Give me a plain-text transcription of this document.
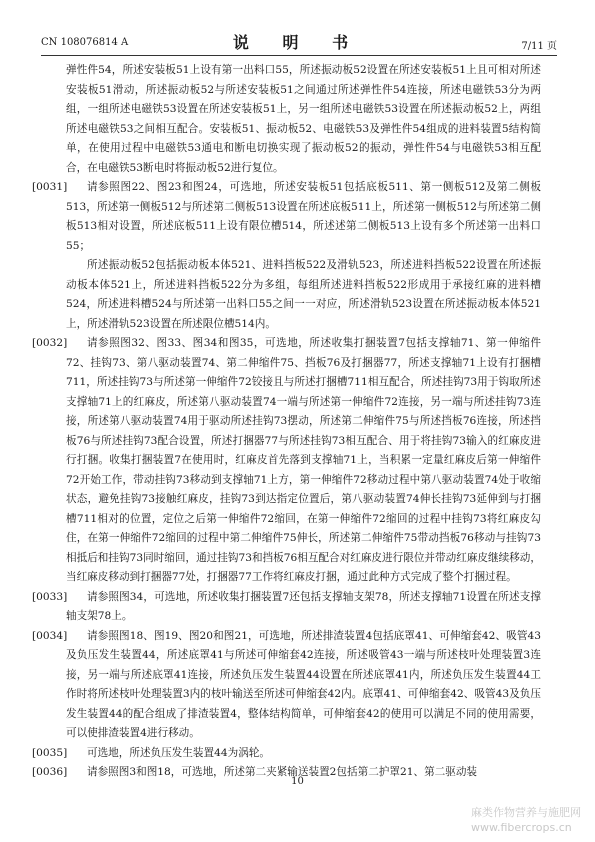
CN 108076814 A	说 明 书	7/11 页

弹性件54，所述安装板51上设有第一出料口55，所述振动板52设置在所述安装板51上且可相对所述安装板51滑动，所述振动板52与所述安装板51之间通过所述弹性件54连接，所述电磁铁53分为两组，一组所述电磁铁53设置在所述安装板51上，另一组所述电磁铁53设置在所述振动板52上，两组所述电磁铁53之间相互配合。安装板51、振动板52、电磁铁53及弹性件54组成的进料装置5结构简单，在使用过程中电磁铁53通电和断电切换实现了振动板52的振动，弹性件54与电磁铁53相互配合，在电磁铁53断电时将振动板52进行复位。

[0031]	请参照图22、图23和图24，可选地，所述安装板51包括底板511、第一侧板512及第二侧板513，所述第一侧板512与所述第二侧板513设置在所述底板511上，所述第一侧板512与所述第二侧板513相对设置，所述底板511上设有限位槽514，所述述第二侧板513上设有多个所述第一出料口55；

所述振动板52包括振动板本体521、进料挡板522及滑轨523，所述进料挡板522设置在所述振动板本体521上，所述进料挡板522分为多组，每组所述进料挡板522形成用于承接红麻的进料槽524，所述进料槽524与所述第一出料口55之间一一对应，所述滑轨523设置在所述振动板本体521上，所述滑轨523设置在所述限位槽514内。

[0032]	请参照图32、图33、图34和图35，可选地，所述收集打捆装置7包括支撑轴71、第一伸缩件72、挂钩73、第八驱动装置74、第二伸缩件75、挡板76及打捆器77，所述支撑轴71上设有打捆槽711，所述挂钩73与所述第一伸缩件72铰接且与所述打捆槽711相互配合，所述挂钩73用于钩取所述支撑轴71上的红麻皮，所述第八驱动装置74一端与所述第一伸缩件72连接，另一端与所述挂钩73连接，所述第八驱动装置74用于驱动所述挂钩73摆动，所述第二伸缩件75与所述挡板76连接，所述挡板76与所述挂钩73配合设置，所述打捆器77与所述挂钩73相互配合、用于将挂钩73输入的红麻皮进行打捆。收集打捆装置7在使用时，红麻皮首先落到支撑轴71上，当积累一定量红麻皮后第一伸缩件72开始工作，带动挂钩73移动到支撑轴71上方，第一伸缩件72移动过程中第八驱动装置74处于收缩状态，避免挂钩73接触红麻皮，挂钩73到达指定位置后，第八驱动装置74伸长挂钩73延伸到与打捆槽711相对的位置，定位之后第一伸缩件72缩回，在第一伸缩件72缩回的过程中挂钩73将红麻皮勾住，在第一伸缩件72缩回的过程中第二伸缩件75伸长，所述第二伸缩件75带动挡板76移动与挂钩73相抵后和挂钩73同时缩回，通过挂钩73和挡板76相互配合对红麻皮进行限位并带动红麻皮继续移动，当红麻皮移动到打捆器77处，打捆器77工作将红麻皮打捆，通过此种方式完成了整个打捆过程。

[0033]	请参照图34，可选地，所述收集打捆装置7还包括支撑轴支架78，所述支撑轴71设置在所述支撑轴支架78上。

[0034]	请参照图18、图19、图20和图21，可选地，所述排渣装置4包括底罩41、可伸缩套42、吸管43及负压发生装置44，所述底罩41与所述可伸缩套42连接，所述吸管43一端与所述枝叶处理装置3连接，另一端与所述底罩41连接，所述负压发生装置44设置在所述底罩41内，所述负压发生装置44工作时将所述枝叶处理装置3内的枝叶输送至所述可伸缩套42内。底罩41、可伸缩套42、吸管43及负压发生装置44的配合组成了排渣装置4，整体结构简单，可伸缩套42的使用可以满足不同的使用需要，可以使排渣装置4进行移动。

[0035]	可选地，所述负压发生装置44为涡轮。

[0036]	请参照图3和图18，可选地，所述第二夹紧输送装置2包括第二护罩21、第二驱动装

10
麻类作物营养与施肥网
www.fibercrops.cn
